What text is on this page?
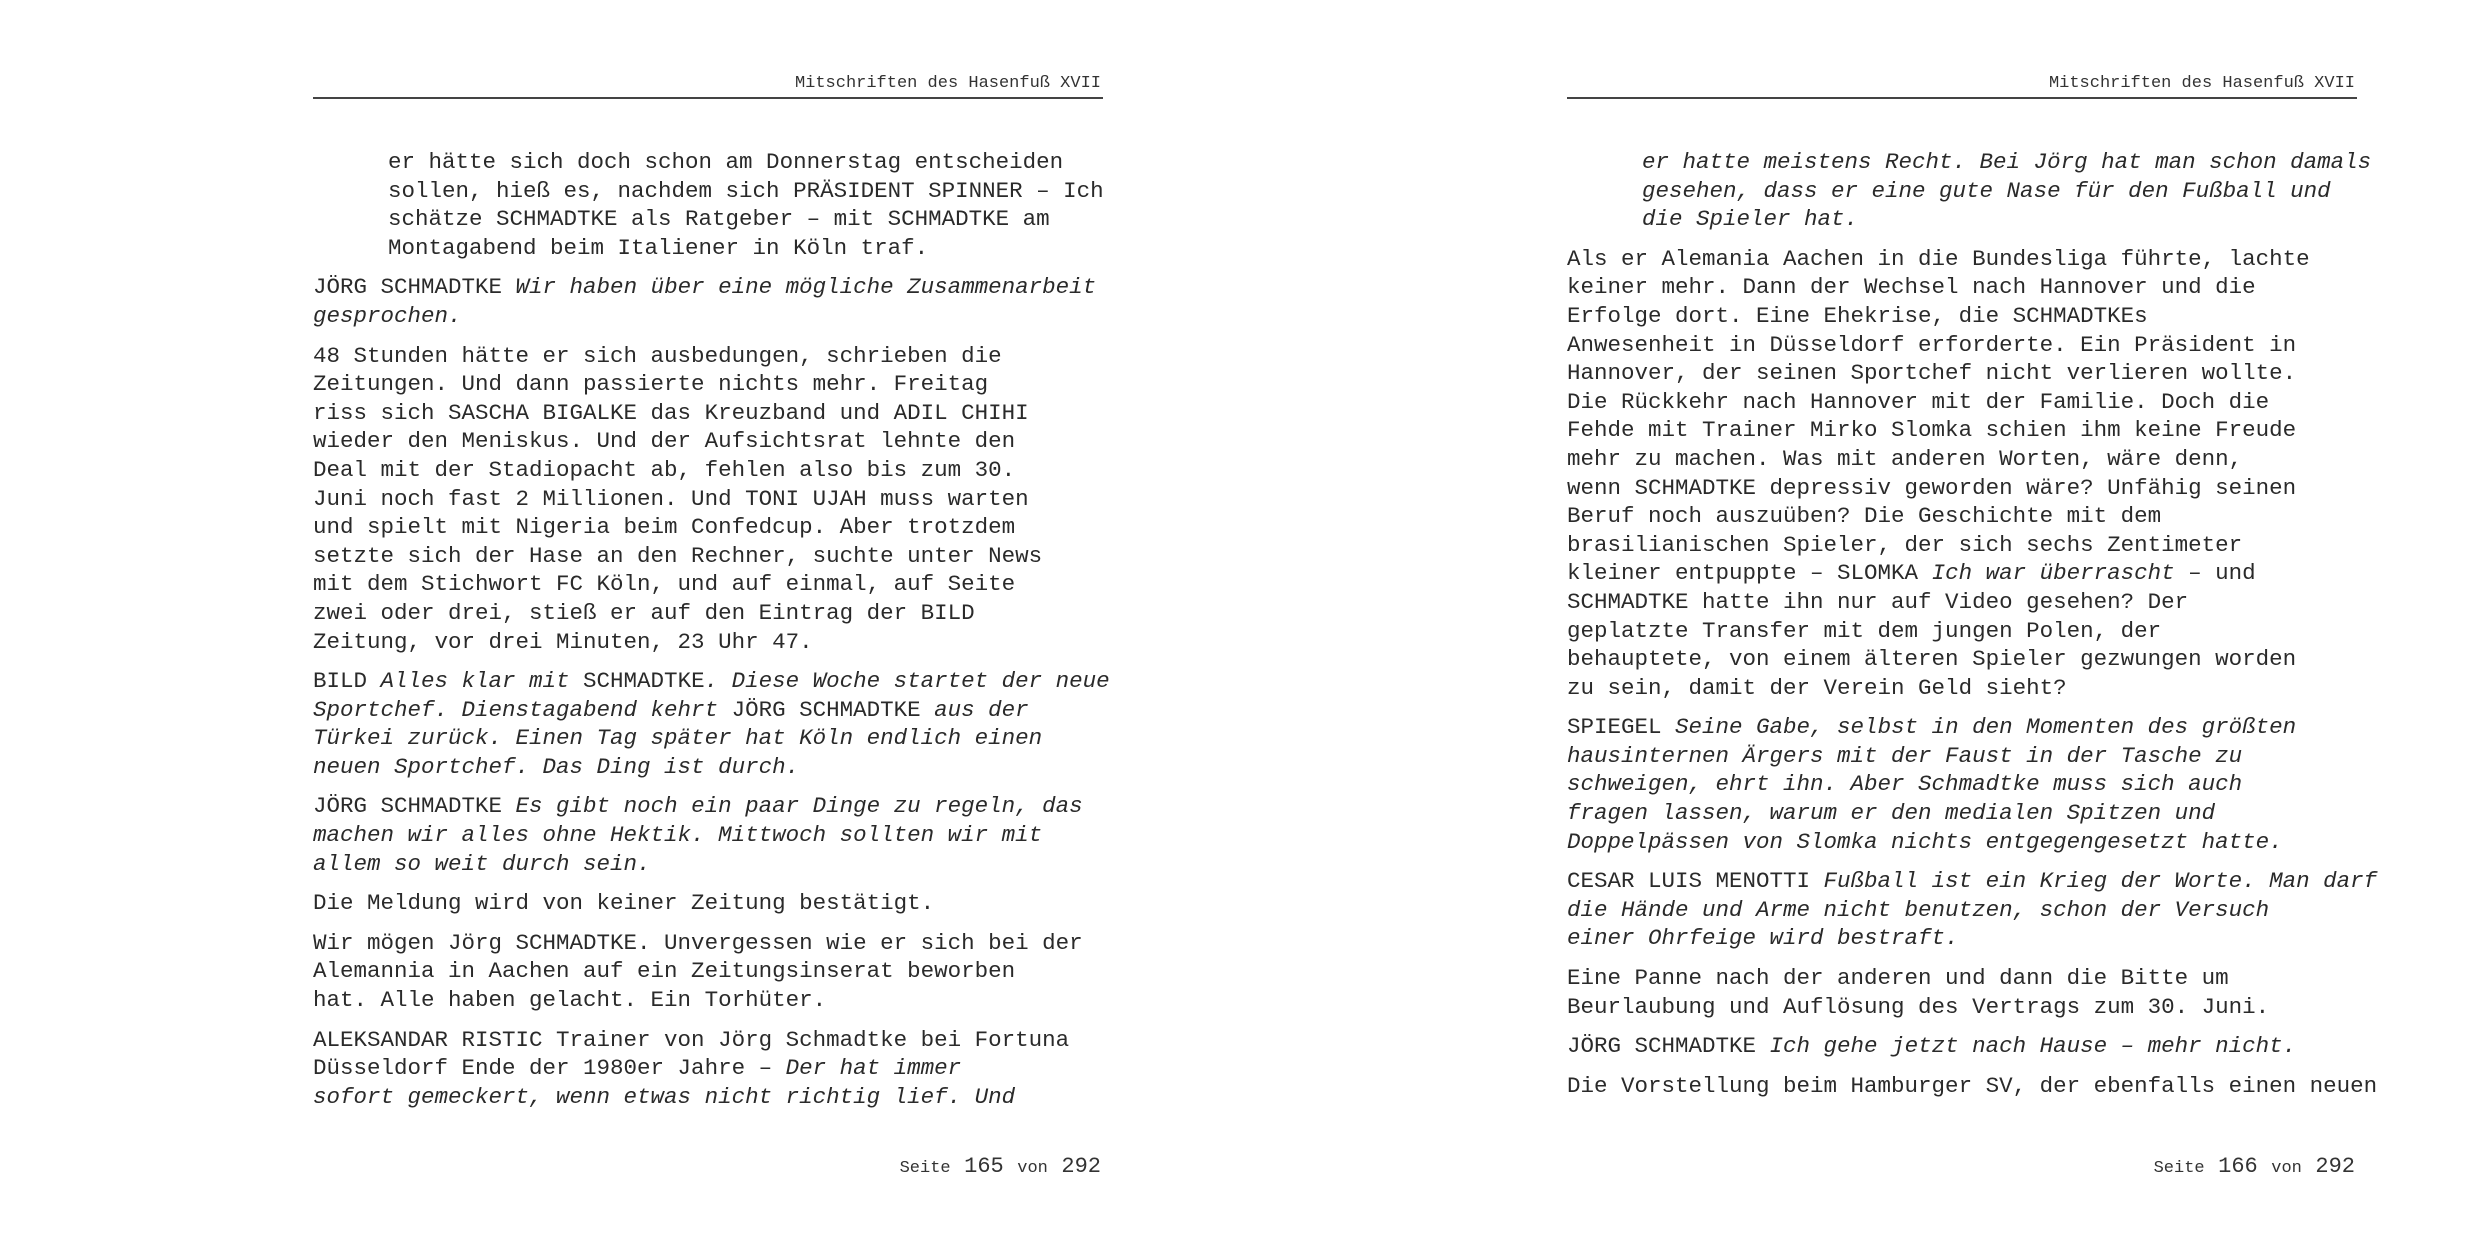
Mitschriften des Hasenfuß XVII

er hätte sich doch schon am Donnerstag entscheiden
sollen, hieß es, nachdem sich PRÄSIDENT SPINNER – Ich
schätze SCHMADTKE als Ratgeber – mit SCHMADTKE am
Montagabend beim Italiener in Köln traf.

JÖRG SCHMADTKE Wir haben über eine mögliche Zusammenarbeit
gesprochen.

48 Stunden hätte er sich ausbedungen, schrieben die
Zeitungen. Und dann passierte nichts mehr. Freitag
riss sich SASCHA BIGALKE das Kreuzband und ADIL CHIHI
wieder den Meniskus. Und der Aufsichtsrat lehnte den
Deal mit der Stadiopacht ab, fehlen also bis zum 30.
Juni noch fast 2 Millionen. Und TONI UJAH muss warten
und spielt mit Nigeria beim Confedcup. Aber trotzdem
setzte sich der Hase an den Rechner, suchte unter News
mit dem Stichwort FC Köln, und auf einmal, auf Seite
zwei oder drei, stieß er auf den Eintrag der BILD
Zeitung, vor drei Minuten, 23 Uhr 47.

BILD Alles klar mit SCHMADTKE. Diese Woche startet der neue
Sportchef. Dienstagabend kehrt JÖRG SCHMADTKE aus der
Türkei zurück. Einen Tag später hat Köln endlich einen
neuen Sportchef. Das Ding ist durch.

JÖRG SCHMADTKE Es gibt noch ein paar Dinge zu regeln, das
machen wir alles ohne Hektik. Mittwoch sollten wir mit
allem so weit durch sein.

Die Meldung wird von keiner Zeitung bestätigt.

Wir mögen Jörg SCHMADTKE. Unvergessen wie er sich bei der
Alemannia in Aachen auf ein Zeitungsinserat beworben
hat. Alle haben gelacht. Ein Torhüter.

ALEKSANDAR RISTIC Trainer von Jörg Schmadtke bei Fortuna
Düsseldorf Ende der 1980er Jahre – Der hat immer
sofort gemeckert, wenn etwas nicht richtig lief. Und

Seite 165 von 292
Mitschriften des Hasenfuß XVII

er hatte meistens Recht. Bei Jörg hat man schon damals
gesehen, dass er eine gute Nase für den Fußball und
die Spieler hat.

Als er Alemania Aachen in die Bundesliga führte, lachte
keiner mehr. Dann der Wechsel nach Hannover und die
Erfolge dort. Eine Ehekrise, die SCHMADTKEs
Anwesenheit in Düsseldorf erforderte. Ein Präsident in
Hannover, der seinen Sportchef nicht verlieren wollte.
Die Rückkehr nach Hannover mit der Familie. Doch die
Fehde mit Trainer Mirko Slomka schien ihm keine Freude
mehr zu machen. Was mit anderen Worten, wäre denn,
wenn SCHMADTKE depressiv geworden wäre? Unfähig seinen
Beruf noch auszuüben? Die Geschichte mit dem
brasilianischen Spieler, der sich sechs Zentimeter
kleiner entpuppte – SLOMKA Ich war überrascht – und
SCHMADTKE hatte ihn nur auf Video gesehen? Der
geplatzte Transfer mit dem jungen Polen, der
behauptete, von einem älteren Spieler gezwungen worden
zu sein, damit der Verein Geld sieht?

SPIEGEL Seine Gabe, selbst in den Momenten des größten
hausinternen Ärgers mit der Faust in der Tasche zu
schweigen, ehrt ihn. Aber Schmadtke muss sich auch
fragen lassen, warum er den medialen Spitzen und
Doppelpässen von Slomka nichts entgegengesetzt hatte.

CESAR LUIS MENOTTI Fußball ist ein Krieg der Worte. Man darf
die Hände und Arme nicht benutzen, schon der Versuch
einer Ohrfeige wird bestraft.

Eine Panne nach der anderen und dann die Bitte um
Beurlaubung und Auflösung des Vertrags zum 30. Juni.

JÖRG SCHMADTKE Ich gehe jetzt nach Hause – mehr nicht.

Die Vorstellung beim Hamburger SV, der ebenfalls einen neuen

Seite 166 von 292
